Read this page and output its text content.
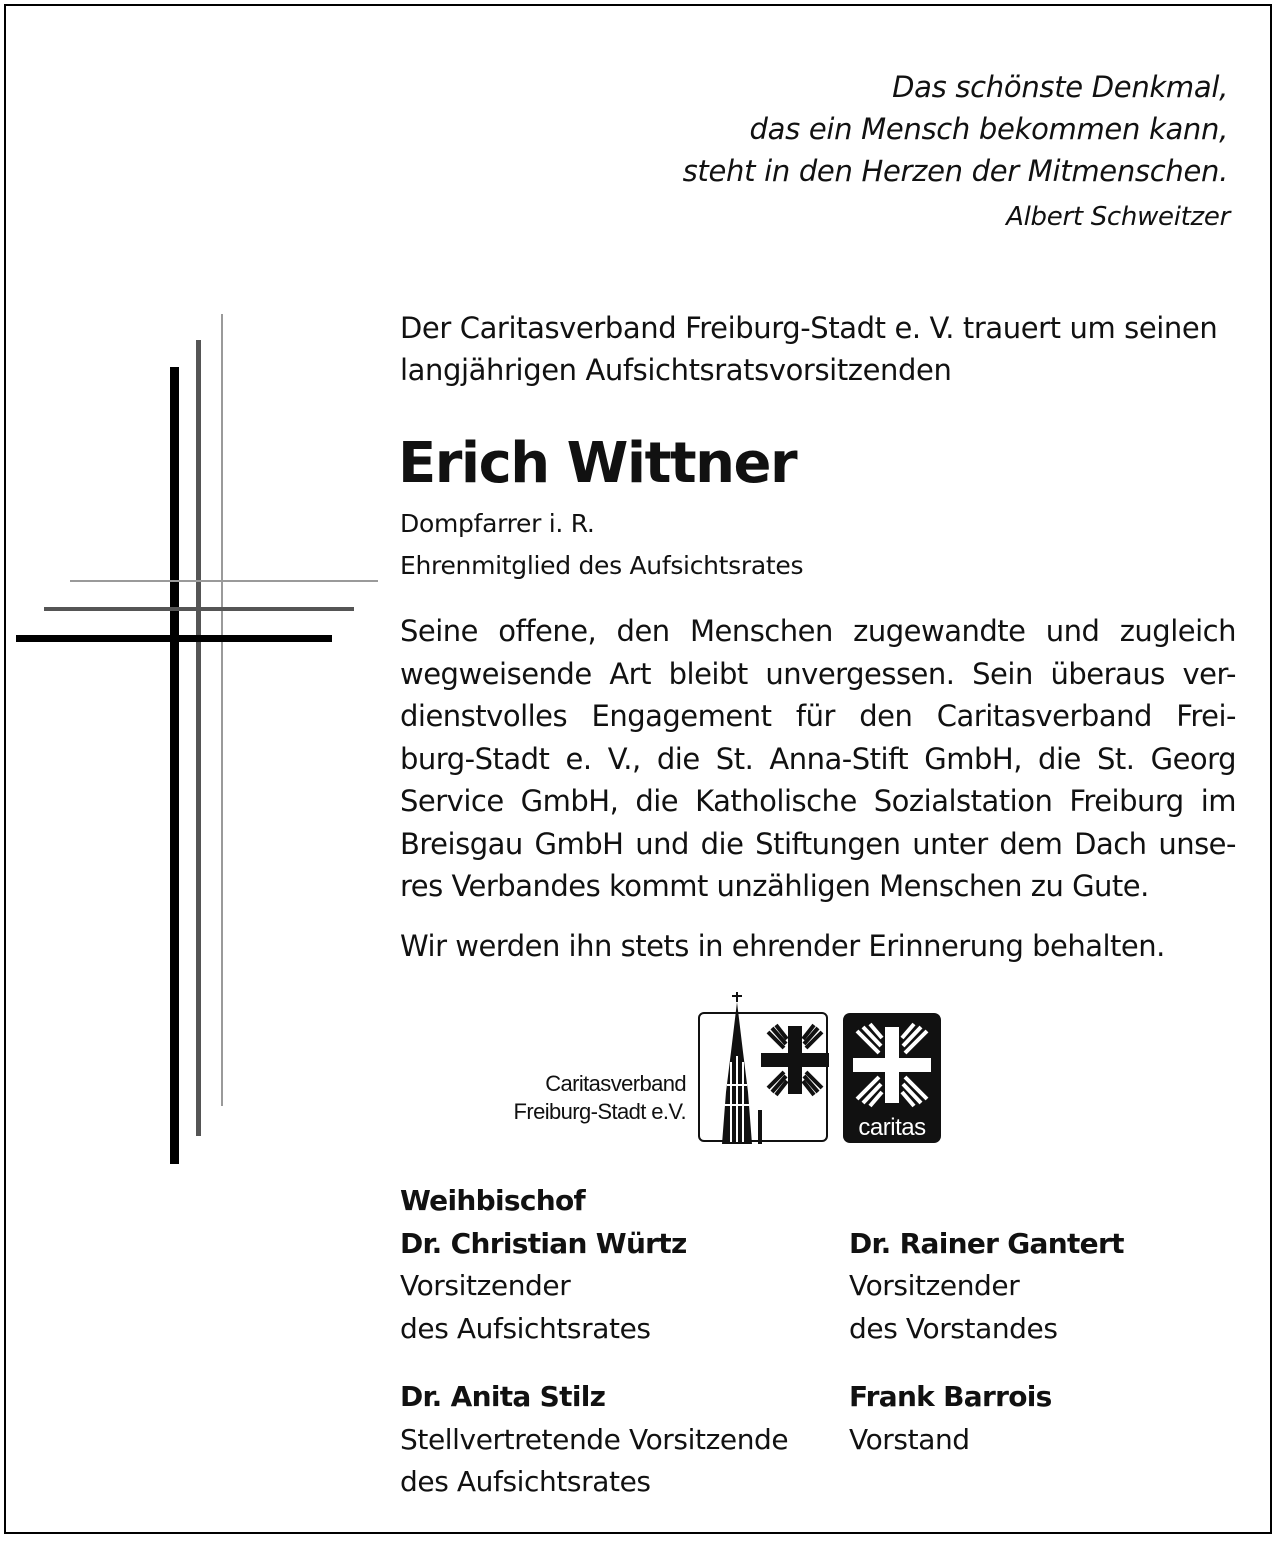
Das schönste Denkmal,
das ein Mensch bekommen kann,
steht in den Herzen der Mitmenschen.
Albert Schweitzer
Der Caritasverband Freiburg-Stadt e. V. trauert um seinen
langjährigen Aufsichtsratsvorsitzenden
Erich Wittner
Dompfarrer i. R.
Ehrenmitglied des Aufsichtsrates
Seine offene, den Menschen zugewandte und zugleich
wegweisende Art bleibt unvergessen. Sein überaus ver-
dienstvolles Engagement für den Caritasverband Frei-
burg-Stadt e. V., die St. Anna-Stift GmbH, die St. Georg
Service GmbH, die Katholische Sozialstation Freiburg im
Breisgau GmbH und die Stiftungen unter dem Dach unse-
res Verbandes kommt unzähligen Menschen zu Gute.
Wir werden ihn stets in ehrender Erinnerung behalten.
Caritasverband
Freiburg-Stadt e.V.
caritas
Weihbischof
Dr. Christian Würtz
Vorsitzender
des Aufsichtsrates
Dr. Rainer Gantert
Vorsitzender
des Vorstandes
Dr. Anita Stilz
Stellvertretende Vorsitzende
des Aufsichtsrates
Frank Barrois
Vorstand
